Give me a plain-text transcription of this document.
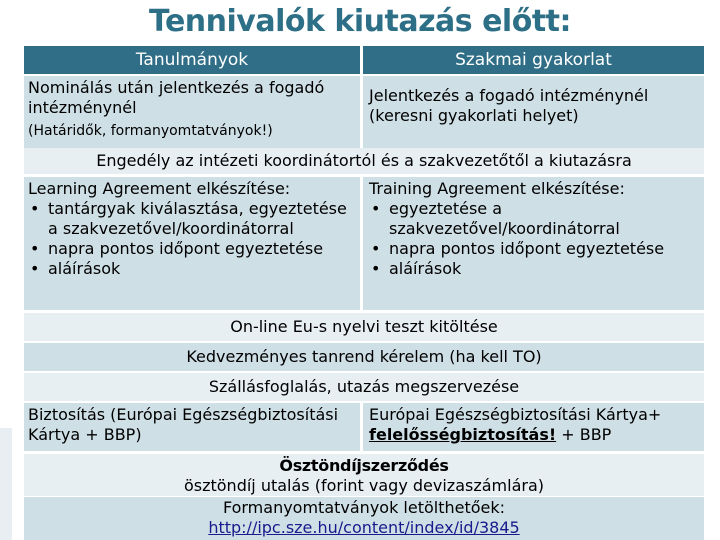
Tennivalók kiutazás előtt:
Tanulmányok	Szakmai gyakorlat
Nominálás után jelentkezés a fogadó intézménynél
(Határidők, formanyomtatványok!)
Jelentkezés a fogadó intézménynél (keresni gyakorlati helyet)
Engedély az intézeti koordinátortól és a szakvezetőtől a kiutazásra
Learning Agreement elkészítése:
• tantárgyak kiválasztása, egyeztetése a szakvezetővel/koordinátorral
• napra pontos időpont egyeztetése
• aláírások
Training Agreement elkészítése:
• egyeztetése a szakvezetővel/koordinátorral
• napra pontos időpont egyeztetése
• aláírások
On-line Eu-s nyelvi teszt kitöltése
Kedvezményes tanrend kérelem (ha kell TO)
Szállásfoglalás, utazás megszervezése
Biztosítás (Európai Egészségbiztosítási Kártya + BBP)
Európai Egészségbiztosítási Kártya+
felelősségbiztosítás! + BBP
Ösztöndíjszerződés
ösztöndíj utalás (forint vagy devizaszámlára)
Formanyomtatványok letölthetőek:
http://ipc.sze.hu/content/index/id/3845
